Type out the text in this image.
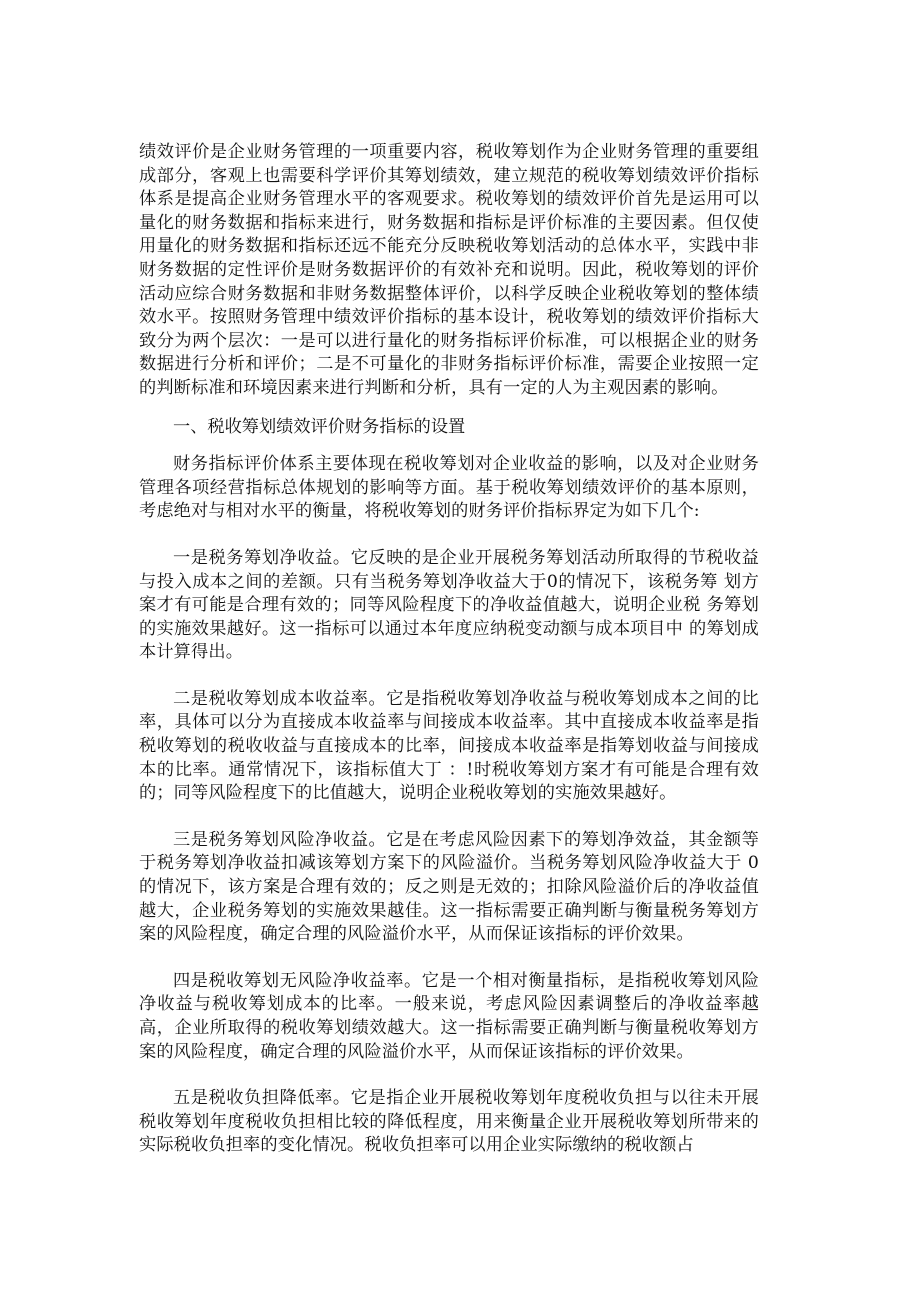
绩效评价是企业财务管理的一项重要内容，税收筹划作为企业财务管理的重要组成部分，客观上也需要科学评价其筹划绩效，建立规范的税收筹划绩效评价指标体系是提高企业财务管理水平的客观要求。税收筹划的绩效评价首先是运用可以量化的财务数据和指标来进行，财务数据和指标是评价标准的主要因素。但仅使用量化的财务数据和指标还远不能充分反映税收筹划活动的总体水平，实践中非财务数据的定性评价是财务数据评价的有效补充和说明。因此，税收筹划的评价活动应综合财务数据和非财务数据整体评价，以科学反映企业税收筹划的整体绩效水平。按照财务管理中绩效评价指标的基本设计，税收筹划的绩效评价指标大致分为两个层次：一是可以进行量化的财务指标评价标准，可以根据企业的财务数据进行分析和评价；二是不可量化的非财务指标评价标准，需要企业按照一定的判断标准和环境因素来进行判断和分析，具有一定的人为主观因素的影响。

一、税收筹划绩效评价财务指标的设置

财务指标评价体系主要体现在税收筹划对企业收益的影响，以及对企业财务管理各项经营指标总体规划的影响等方面。基于税收筹划绩效评价的基本原则，考虑绝对与相对水平的衡量，将税收筹划的财务评价指标界定为如下几个:

一是税务筹划净收益。它反映的是企业开展税务筹划活动所取得的节税收益与投入成本之间的差额。只有当税务筹划净收益大于0的情况下，该税务筹 划方案才有可能是合理有效的；同等风险程度下的净收益值越大，说明企业税 务筹划的实施效果越好。这一指标可以通过本年度应纳税变动额与成本项目中 的筹划成本计算得出。

二是税收筹划成本收益率。它是指税收筹划净收益与税收筹划成本之间的比率，具体可以分为直接成本收益率与间接成本收益率。其中直接成本收益率是指税收筹划的税收收益与直接成本的比率，间接成本收益率是指筹划收益与间接成本的比率。通常情况下，该指标值大丁 ：!时税收筹划方案才有可能是合理有效的；同等风险程度下的比值越大，说明企业税收筹划的实施效果越好。

三是税务筹划风险净收益。它是在考虑风险因素下的筹划净效益，其金额等于税务筹划净收益扣减该筹划方案下的风险溢价。当税务筹划风险净收益大于 0 的情况下，该方案是合理有效的；反之则是无效的；扣除风险溢价后的净收益值越大，企业税务筹划的实施效果越佳。这一指标需要正确判断与衡量税务筹划方案的风险程度，确定合理的风险溢价水平，从而保证该指标的评价效果。

四是税收筹划无风险净收益率。它是一个相对衡量指标，是指税收筹划风险净收益与税收筹划成本的比率。一般来说，考虑风险因素调整后的净收益率越高，企业所取得的税收筹划绩效越大。这一指标需要正确判断与衡量税收筹划方案的风险程度，确定合理的风险溢价水平，从而保证该指标的评价效果。

五是税收负担降低率。它是指企业开展税收筹划年度税收负担与以往未开展税收筹划年度税收负担相比较的降低程度，用来衡量企业开展税收筹划所带来的实际税收负担率的变化情况。税收负担率可以用企业实际缴纳的税收额占
